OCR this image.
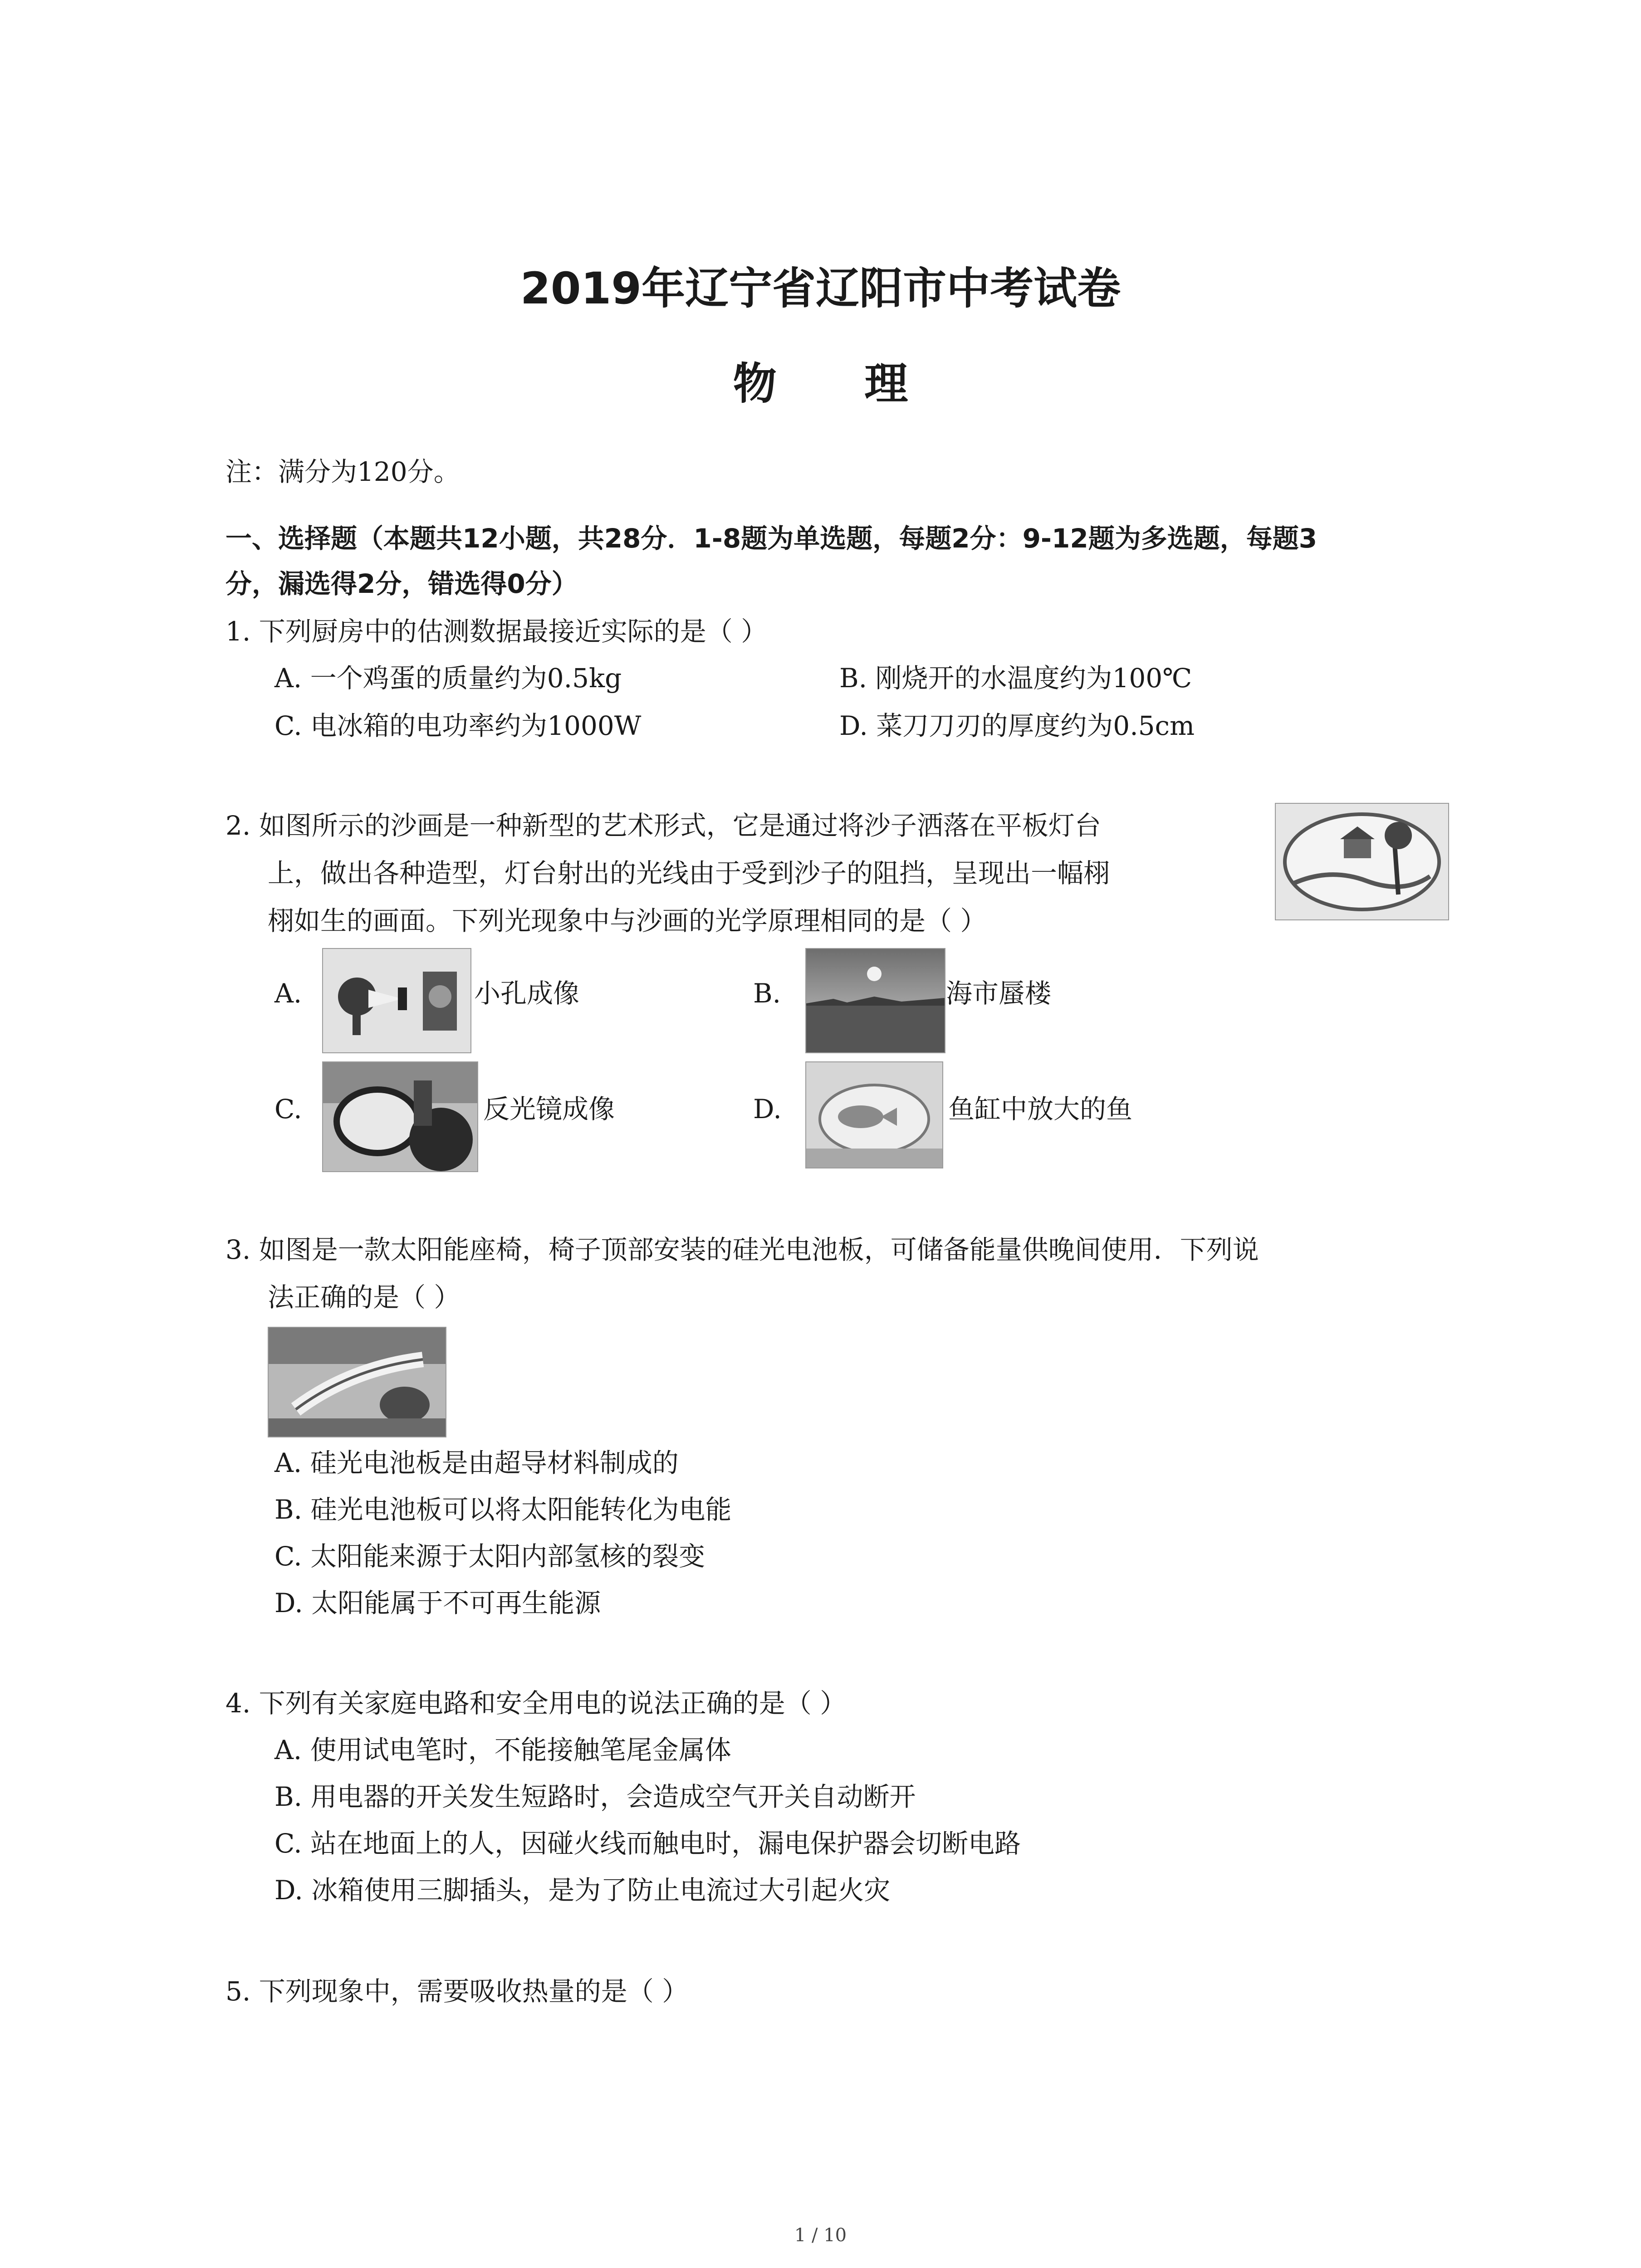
2019年辽宁省辽阳市中考试卷
物 理
注：满分为120分。
一、选择题（本题共12小题，共28分．1-8题为单选题，每题2分：9-12题为多选题，每题3
分，漏选得2分，错选得0分）
1. 下列厨房中的估测数据最接近实际的是（ ）
A. 一个鸡蛋的质量约为0.5kg	B. 刚烧开的水温度约为100℃
C. 电冰箱的电功率约为1000W	D. 菜刀刀刃的厚度约为0.5cm
2. 如图所示的沙画是一种新型的艺术形式，它是通过将沙子洒落在平板灯台
上，做出各种造型，灯台射出的光线由于受到沙子的阻挡，呈现出一幅栩
栩如生的画面。下列光现象中与沙画的光学原理相同的是（ ）
A.	小孔成像	B.	海市蜃楼
C.	反光镜成像	D.	鱼缸中放大的鱼
3. 如图是一款太阳能座椅，椅子顶部安装的硅光电池板，可储备能量供晚间使用．下列说
法正确的是（ ）
A. 硅光电池板是由超导材料制成的
B. 硅光电池板可以将太阳能转化为电能
C. 太阳能来源于太阳内部氢核的裂变
D. 太阳能属于不可再生能源
4. 下列有关家庭电路和安全用电的说法正确的是（ ）
A. 使用试电笔时，不能接触笔尾金属体
B. 用电器的开关发生短路时，会造成空气开关自动断开
C. 站在地面上的人，因碰火线而触电时，漏电保护器会切断电路
D. 冰箱使用三脚插头，是为了防止电流过大引起火灾
5. 下列现象中，需要吸收热量的是（ ）
1 / 10
